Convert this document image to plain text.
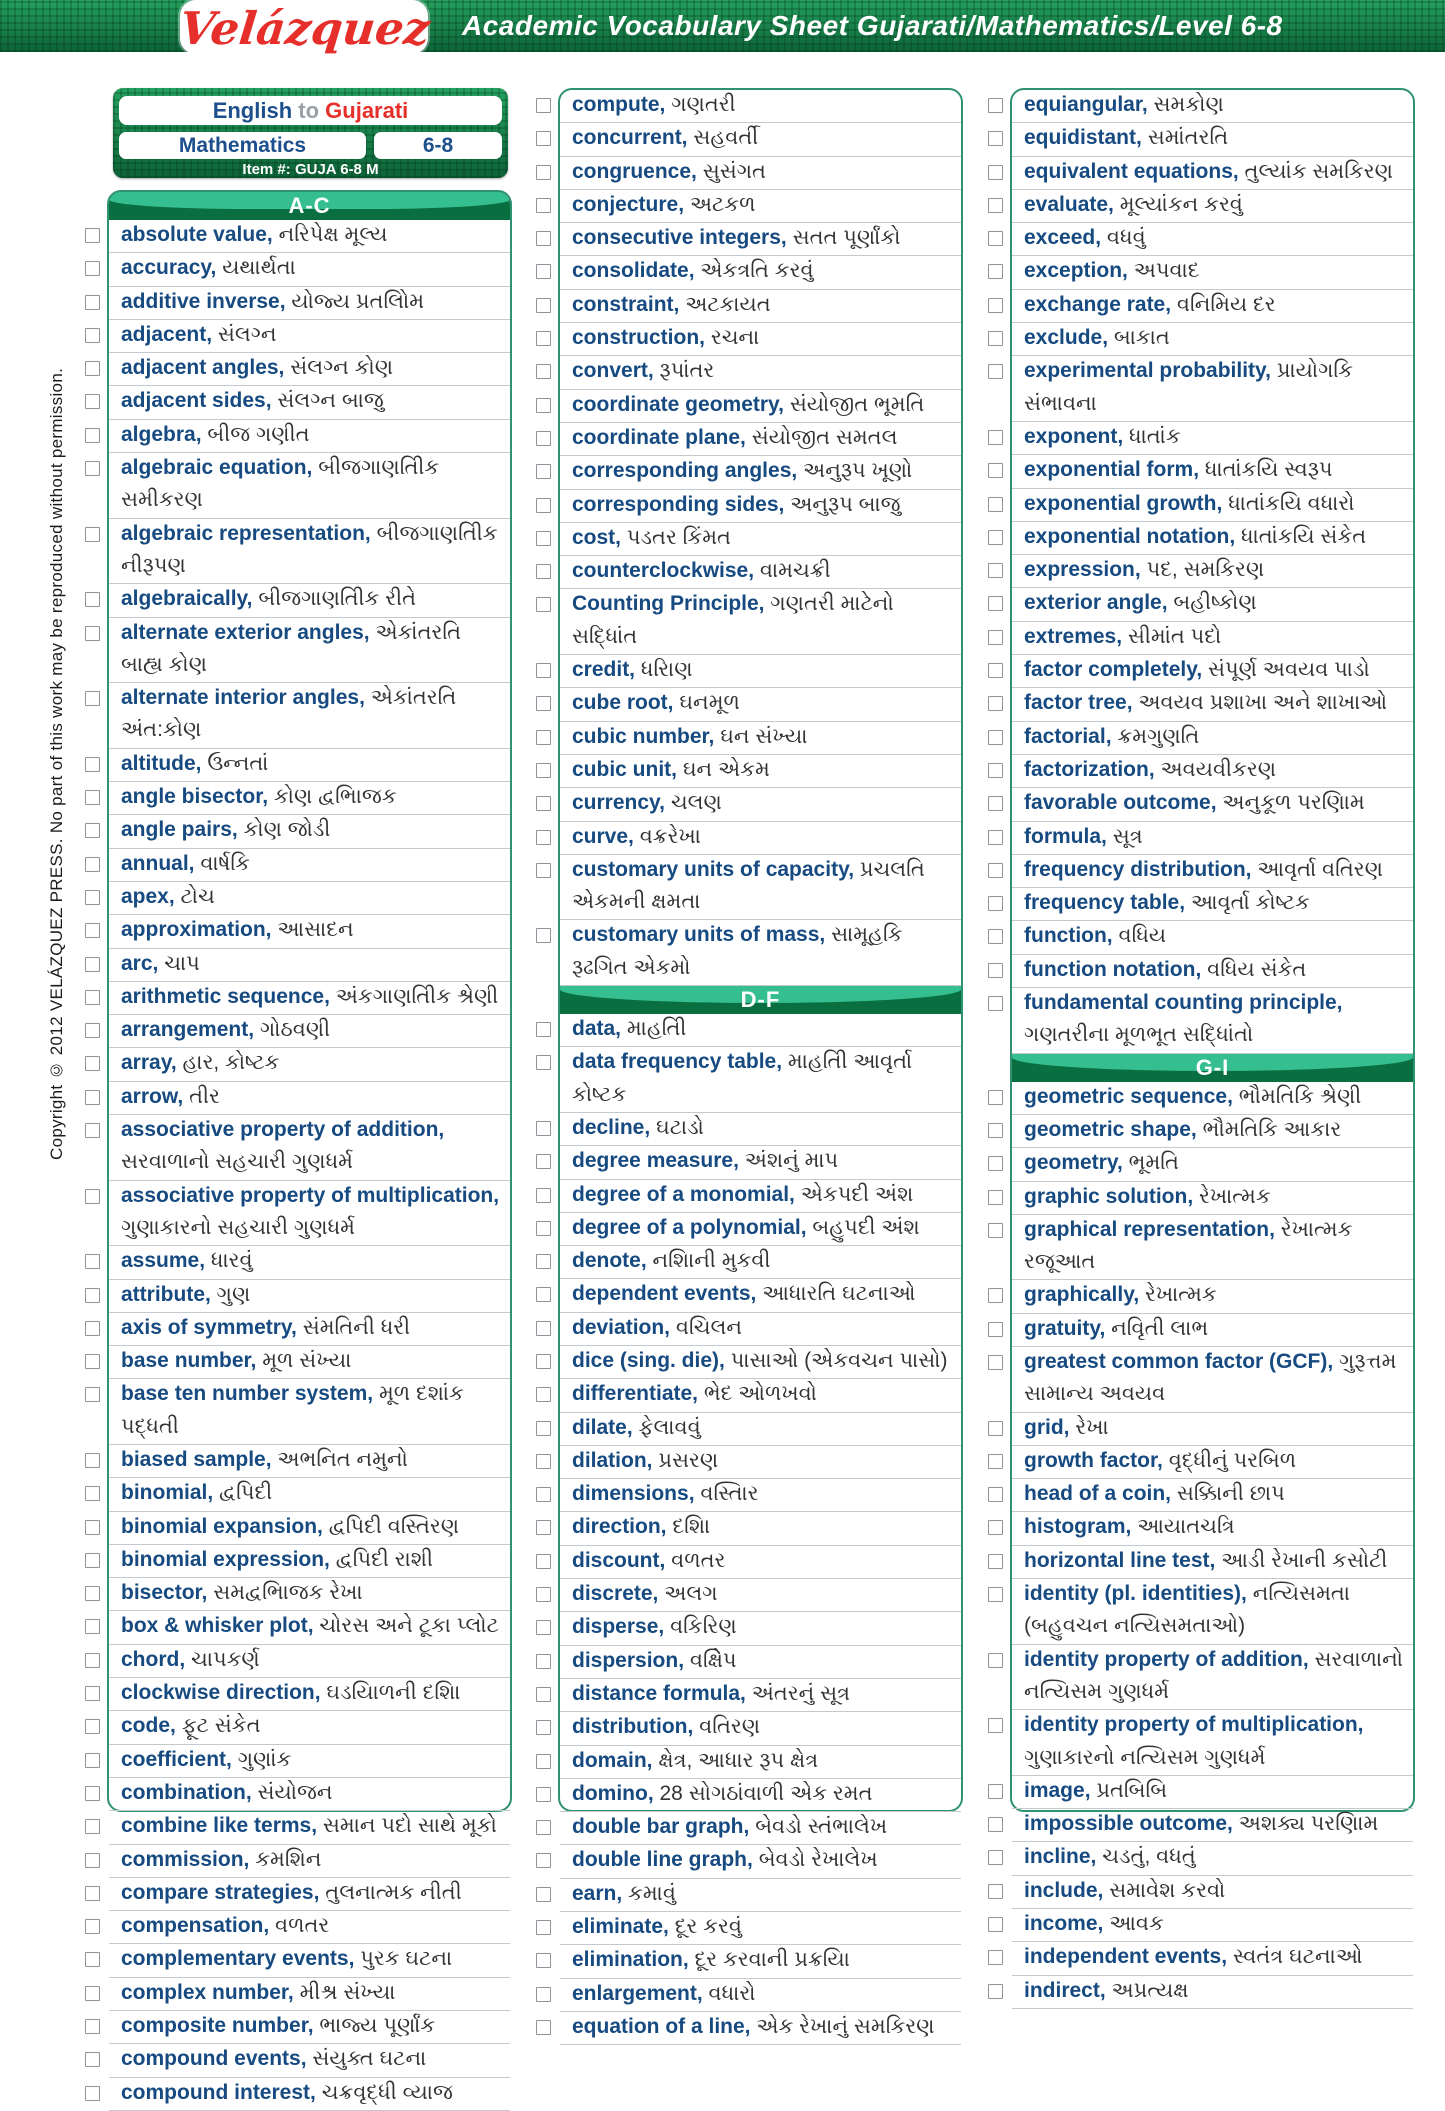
Academic Vocabulary Sheet Gujarati/Mathematics/Level 6-8
Velázquez
Copyright © 2012 VELÁZQUEZ PRESS. No part of this work may be reproduced without permission.
English to Gujarati
Mathematics	6-8
Item #: GUJA 6-8 M
A-C
absolute value, નરિપેક્ષ મૂલ્ય
accuracy, યથાર્થતા
additive inverse, યોજ્ય પ્રતલિોમ
adjacent, સંલગ્ન
adjacent angles, સંલગ્ન કોણ
adjacent sides, સંલગ્ન બાજુ
algebra, બીજ ગણીત
algebraic equation, બીજગાણતિીક સમીકરણ
algebraic representation, બીજગાણતિીક નીરૂપણ
algebraically, બીજગાણતિીક રીતે
alternate exterior angles, એકાંતરતિ બાહ્ય કોણ
alternate interior angles, એકાંતરતિ અંત:કોણ
altitude, ઉન્નતાં
angle bisector, કોણ દ્વભિાજક
angle pairs, કોણ જોડી
annual, વાર્ષકિ
apex, ટોચ
approximation, આસાદન
arc, ચાપ
arithmetic sequence, અંકગાણતિીક શ્રેણી
arrangement, ગોઠવણી
array, હાર, કોષ્ટક
arrow, તીર
associative property of addition, સરવાળાનો સહચારી ગુણધર્મ
associative property of multiplication, ગુણાકારનો સહચારી ગુણધર્મ
assume, ધારવું
attribute, ગુણ
axis of symmetry, સંમતિની ધરી
base number, મૂળ સંખ્યા
base ten number system, મૂળ દશાંક પદ્ધતી
biased sample, અભનિત નમુનો
binomial, દ્વપિદી
binomial expansion, દ્વપિદી વસ્તિરણ
binomial expression, દ્વપિદી રાશી
bisector, સમદ્વભિાજક રેખા
box & whisker plot, ચોરસ અને ટૂકા પ્લોટ
chord, ચાપકર્ણ
clockwise direction, ઘડયિાળની દશિા
code, ફૂટ સંકેત
coefficient, ગુણાંક
combination, સંયોજન
combine like terms, સમાન પદો સાથે મૂકો
commission, કમશિન
compare strategies, તુલનાત્મક નીતી
compensation, વળતર
complementary events, પુરક ઘટના
complex number, મીશ્ર સંખ્યા
composite number, ભાજ્ય પૂર્ણાંક
compound events, સંયુક્ત ઘટના
compound interest, ચક્રવૃદ્ધી વ્યાજ
compute, ગણતરી
concurrent, સહવર્તી
congruence, સુસંગત
conjecture, અટકળ
consecutive integers, સતત પૂર્ણાંકો
consolidate, એકત્રતિ કરવું
constraint, અટકાયત
construction, રચના
convert, રૂપાંતર
coordinate geometry, સંયોજીત ભૂમતિ
coordinate plane, સંયોજીત સમતલ
corresponding angles, અનુરૂપ ખૂણો
corresponding sides, અનુરૂપ બાજુ
cost, પડતર કિંમત
counterclockwise, વામચક્રી
Counting Principle, ગણતરી માટેનો સદ્ધિાંત
credit, ધરિાણ
cube root, ઘનમૂળ
cubic number, ઘન સંખ્યા
cubic unit, ઘન એકમ
currency, ચલણ
curve, વક્રરેખા
customary units of capacity, પ્રચલતિ એકમની ક્ષમતા
customary units of mass, સામૂહકિ રૂઢગિત એકમો
D-F
data, માહતિી
data frequency table, માહતિી આવૃર્તા કોષ્ટક
decline, ઘટાડો
degree measure, અંશનું માપ
degree of a monomial, એકપદી અંશ
degree of a polynomial, બહુપદી અંશ
denote, નશિાની મુકવી
dependent events, આધારતિ ઘટનાઓ
deviation, વચિલન
dice (sing. die), પાસાઓ (એકવચન પાસો)
differentiate, ભેદ ઓળખવો
dilate, ફેલાવવું
dilation, પ્રસરણ
dimensions, વસ્તિાર
direction, દશિા
discount, વળતર
discrete, અલગ
disperse, વકિરિણ
dispersion, વક્ષિેપ
distance formula, અંતરનું સૂત્ર
distribution, વતિરણ
domain, ક્ષેત્ર, આધાર રૂપ ક્ષેત્ર
domino, 28 સોગઠાંવાળી એક રમત
double bar graph, બેવડો સ્તંભાલેખ
double line graph, બેવડો રેખાલેખ
earn, કમાવું
eliminate, દૂર કરવું
elimination, દૂર કરવાની પ્રક્રયિા
enlargement, વધારો
equation of a line, એક રેખાનું સમકિરણ
equiangular, સમકોણ
equidistant, સમાંતરતિ
equivalent equations, તુલ્યાંક સમકિરણ
evaluate, મૂલ્યાંકન કરવું
exceed, વધવું
exception, અપવાદ
exchange rate, વનિમિય દર
exclude, બાકાત
experimental probability, પ્રાયોગકિ સંભાવના
exponent, ધાતાંક
exponential form, ધાતાંકયિ સ્વરૂપ
exponential growth, ધાતાંકયિ વધારો
exponential notation, ધાતાંકયિ સંકેત
expression, પદ, સમકિરણ
exterior angle, બહીષ્કોણ
extremes, સીમાંત પદો
factor completely, સંપૂર્ણ અવયવ પાડો
factor tree, અવયવ પ્રશાખા અને શાખાઓ
factorial, ક્રમગુણતિ
factorization, અવયવીકરણ
favorable outcome, અનુકૂળ પરણિામ
formula, સૂત્ર
frequency distribution, આવૃર્તા વતિરણ
frequency table, આવૃર્તા કોષ્ટક
function, વધિય
function notation, વધિય સંકેત
fundamental counting principle, ગણતરીના મૂળભૂત સદ્ધિાંતો
G-I
geometric sequence, ભૌમતિકિ શ્રેણી
geometric shape, ભૌમતિકિ આકાર
geometry, ભૂમતિ
graphic solution, રેખાત્મક
graphical representation, રેખાત્મક રજૂઆત
graphically, રેખાત્મક
gratuity, નવિૃતી લાભ
greatest common factor (GCF), ગુરૂત્તમ સામાન્ય અવયવ
grid, રેખા
growth factor, વૃદ્ધીનું પરબિળ
head of a coin, સક્કિાની છાપ
histogram, આયાતચત્રિ
horizontal line test, આડી રેખાની કસોટી
identity (pl. identities), નત્યિસમતા (બહુવચન નત્યિસમતાઓ)
identity property of addition, સરવાળાનો નત્યિસમ ગુણધર્મ
identity property of multiplication, ગુણાકારનો નત્યિસમ ગુણધર્મ
image, પ્રતબિબિ
impossible outcome, અશક્ય પરણિામ
incline, ચડતું, વધતું
include, સમાવેશ કરવો
income, આવક
independent events, સ્વતંત્ર ઘટનાઓ
indirect, અપ્રત્યક્ષ
